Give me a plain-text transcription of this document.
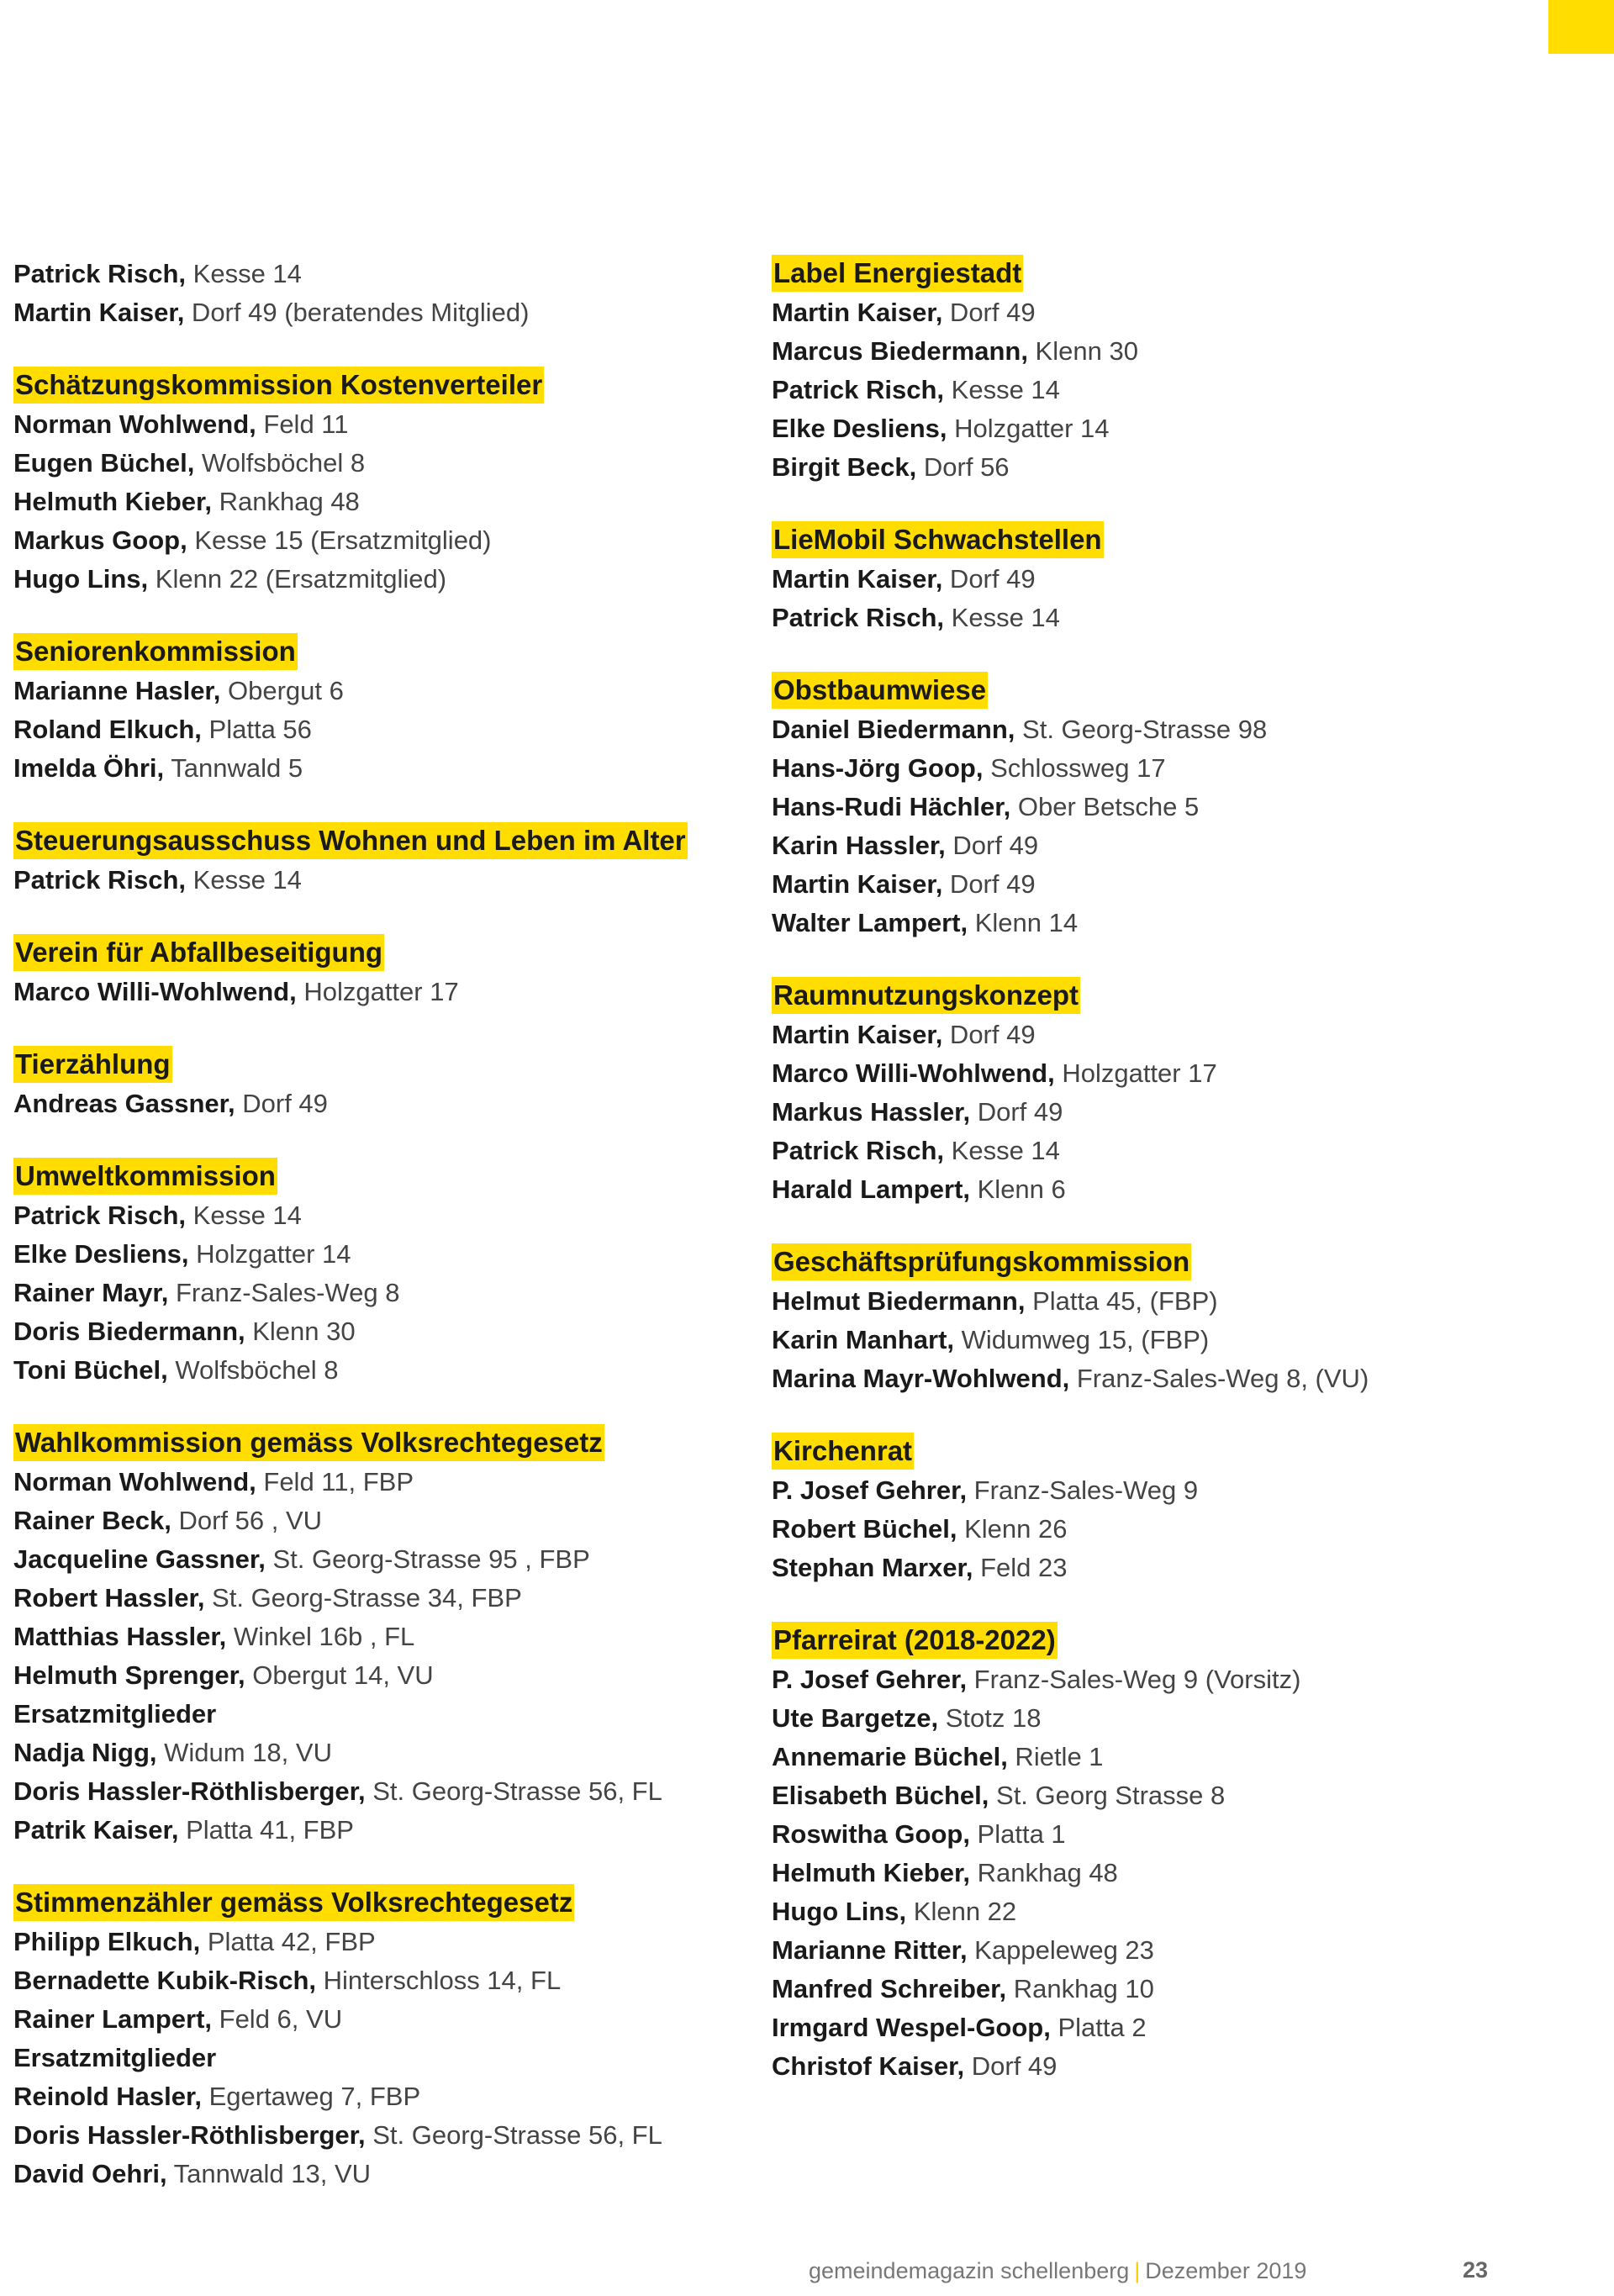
Patrick Risch, Kesse 14
Martin Kaiser, Dorf 49 (beratendes Mitglied)
Schätzungskommission Kostenverteiler
Norman Wohlwend, Feld 11
Eugen Büchel, Wolfsböchel 8
Helmuth Kieber, Rankhag 48
Markus Goop, Kesse 15 (Ersatzmitglied)
Hugo Lins, Klenn 22 (Ersatzmitglied)
Seniorenkommission
Marianne Hasler, Obergut 6
Roland Elkuch, Platta 56
Imelda Öhri, Tannwald 5
Steuerungsausschuss Wohnen und Leben im Alter
Patrick Risch, Kesse 14
Verein für Abfallbeseitigung
Marco Willi-Wohlwend, Holzgatter 17
Tierzählung
Andreas Gassner, Dorf 49
Umweltkommission
Patrick Risch, Kesse 14
Elke Desliens, Holzgatter 14
Rainer Mayr, Franz-Sales-Weg 8
Doris Biedermann, Klenn 30
Toni Büchel, Wolfsböchel 8
Wahlkommission gemäss Volksrechtegesetz
Norman Wohlwend, Feld 11, FBP
Rainer Beck, Dorf 56 , VU
Jacqueline Gassner, St. Georg-Strasse 95 , FBP
Robert Hassler, St. Georg-Strasse 34, FBP
Matthias Hassler, Winkel 16b , FL
Helmuth Sprenger, Obergut 14, VU
Ersatzmitglieder
Nadja Nigg, Widum 18, VU
Doris Hassler-Röthlisberger, St. Georg-Strasse 56, FL
Patrik Kaiser, Platta 41, FBP
Stimmenzähler gemäss Volksrechtegesetz
Philipp Elkuch, Platta 42, FBP
Bernadette Kubik-Risch, Hinterschloss 14, FL
Rainer Lampert, Feld 6, VU
Ersatzmitglieder
Reinold Hasler, Egertaweg 7, FBP
Doris Hassler-Röthlisberger, St. Georg-Strasse 56, FL
David Oehri, Tannwald 13, VU
Label Energiestadt
Martin Kaiser, Dorf 49
Marcus Biedermann, Klenn 30
Patrick Risch, Kesse 14
Elke Desliens, Holzgatter 14
Birgit Beck, Dorf 56
LieMobil Schwachstellen
Martin Kaiser, Dorf 49
Patrick Risch, Kesse 14
Obstbaumwiese
Daniel Biedermann, St. Georg-Strasse 98
Hans-Jörg Goop, Schlossweg 17
Hans-Rudi Hächler, Ober Betsche 5
Karin Hassler, Dorf 49
Martin Kaiser, Dorf 49
Walter Lampert, Klenn 14
Raumnutzungskonzept
Martin Kaiser, Dorf 49
Marco Willi-Wohlwend, Holzgatter 17
Markus Hassler, Dorf 49
Patrick Risch, Kesse 14
Harald Lampert, Klenn 6
Geschäftsprüfungskommission
Helmut Biedermann, Platta 45, (FBP)
Karin Manhart, Widumweg 15, (FBP)
Marina Mayr-Wohlwend, Franz-Sales-Weg 8, (VU)
Kirchenrat
P. Josef Gehrer, Franz-Sales-Weg 9
Robert Büchel, Klenn 26
Stephan Marxer, Feld 23
Pfarreirat (2018-2022)
P. Josef Gehrer, Franz-Sales-Weg 9 (Vorsitz)
Ute Bargetze, Stotz 18
Annemarie Büchel, Rietle 1
Elisabeth Büchel, St. Georg Strasse 8
Roswitha Goop, Platta 1
Helmuth Kieber, Rankhag 48
Hugo Lins, Klenn 22
Marianne Ritter, Kappeleweg 23
Manfred Schreiber, Rankhag 10
Irmgard Wespel-Goop, Platta 2
Christof Kaiser, Dorf 49
gemeindemagazin schellenberg | Dezember 2019	23
